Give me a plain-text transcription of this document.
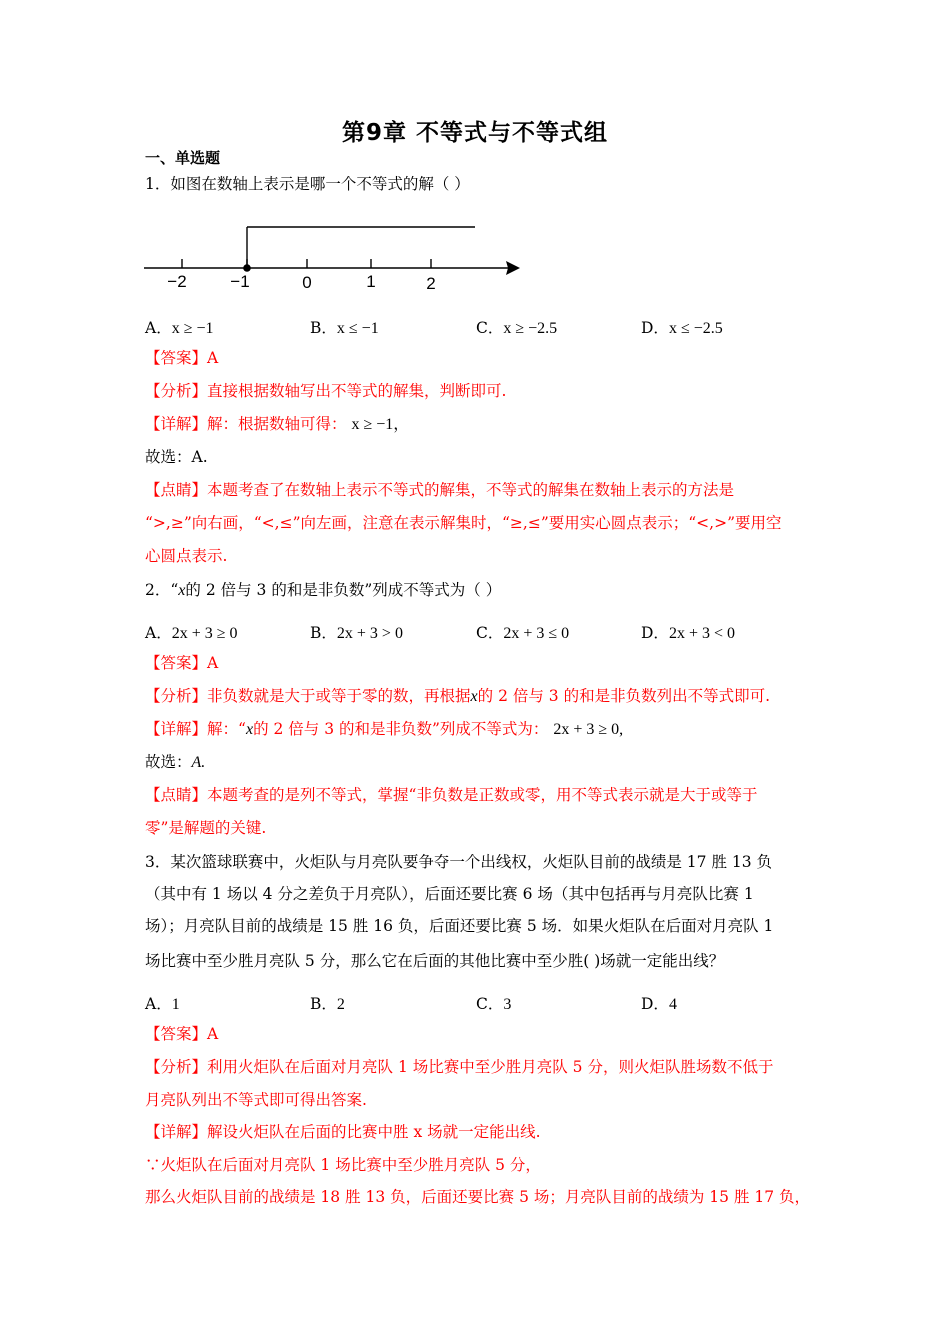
第9章 不等式与不等式组
一、单选题
1．如图在数轴上表示是哪一个不等式的解（ ）
−2	−1	0	1	2
A．x ≥ −1	B．x ≤ −1	C．x ≥ −2.5	D．x ≤ −2.5
【答案】A
【分析】直接根据数轴写出不等式的解集，判断即可.
【详解】解：根据数轴可得： x ≥ −1，
故选：A.
【点睛】本题考查了在数轴上表示不等式的解集，不等式的解集在数轴上表示的方法是
“>,≥”向右画，“<,≤”向左画，注意在表示解集时，“≥,≤”要用实心圆点表示；“<,>”要用空
心圆点表示.
2．“x的 2 倍与 3 的和是非负数”列成不等式为（ ）
A．2x + 3 ≥ 0	B．2x + 3 > 0	C．2x + 3 ≤ 0	D．2x + 3 < 0
【答案】A
【分析】非负数就是大于或等于零的数，再根据x的 2 倍与 3 的和是非负数列出不等式即可.
【详解】解：“x的 2 倍与 3 的和是非负数”列成不等式为： 2x + 3 ≥ 0,
故选：A.
【点睛】本题考查的是列不等式，掌握“非负数是正数或零，用不等式表示就是大于或等于
零”是解题的关键.
3．某次篮球联赛中，火炬队与月亮队要争夺一个出线权，火炬队目前的战绩是 17 胜 13 负
（其中有 1 场以 4 分之差负于月亮队），后面还要比赛 6 场（其中包括再与月亮队比赛 1
场）；月亮队目前的战绩是 15 胜 16 负，后面还要比赛 5 场．如果火炬队在后面对月亮队 1
场比赛中至少胜月亮队 5 分，那么它在后面的其他比赛中至少胜( )场就一定能出线？
A．1	B．2	C．3	D．4
【答案】A
【分析】利用火炬队在后面对月亮队 1 场比赛中至少胜月亮队 5 分，则火炬队胜场数不低于
月亮队列出不等式即可得出答案.
【详解】解设火炬队在后面的比赛中胜 x 场就一定能出线.
∵火炬队在后面对月亮队 1 场比赛中至少胜月亮队 5 分，
那么火炬队目前的战绩是 18 胜 13 负，后面还要比赛 5 场；月亮队目前的战绩为 15 胜 17 负，
